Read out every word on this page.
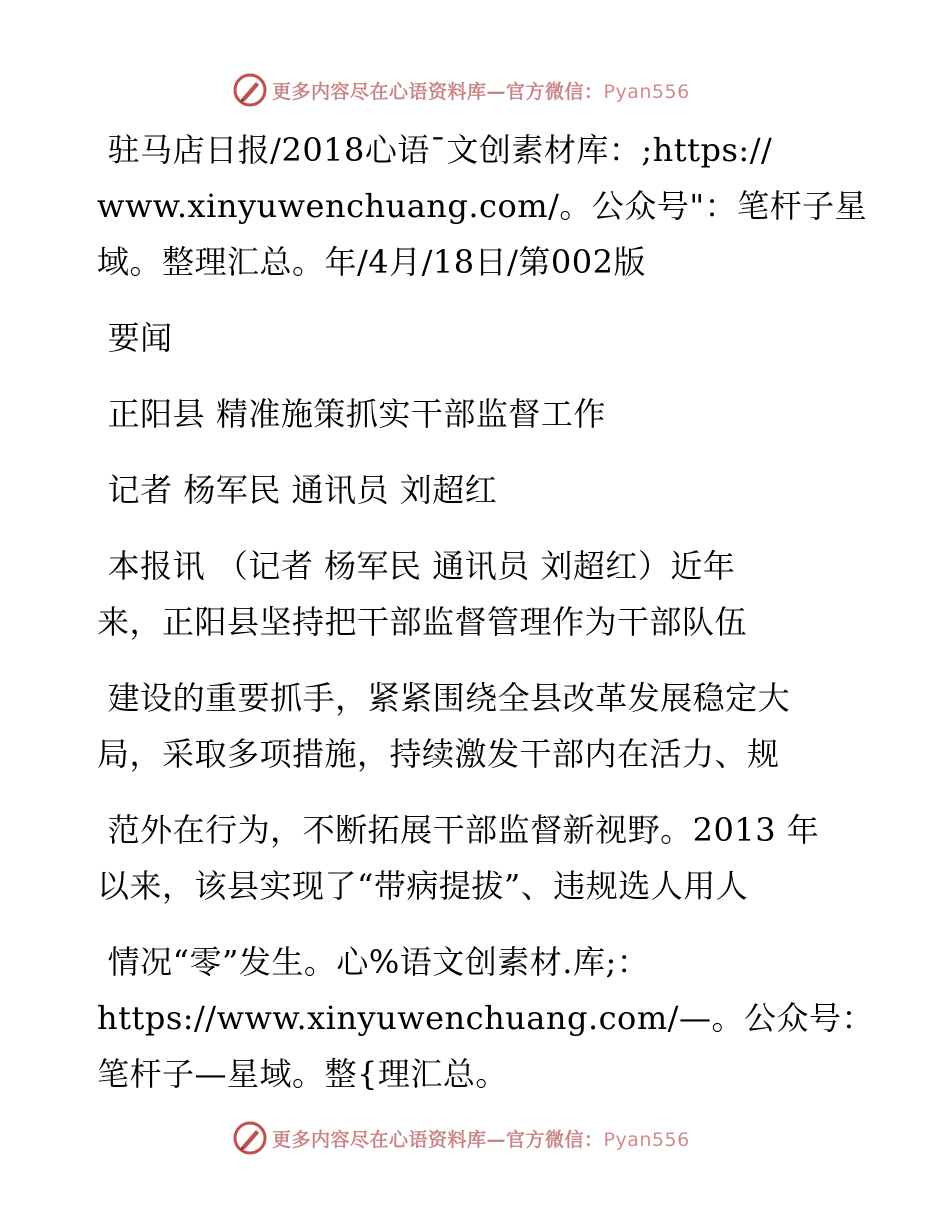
更多内容尽在心语资料库—官方微信：Pyan556
驻马店日报/2018心语¯文创素材库：;https://
www.xinyuwenchuang.com/。公众号"：笔杆子星
域。整理汇总。年/4月/18日/第002版
要闻
正阳县 精准施策抓实干部监督工作
记者 杨军民 通讯员 刘超红
本报讯 （记者 杨军民 通讯员 刘超红）近年
来，正阳县坚持把干部监督管理作为干部队伍
建设的重要抓手，紧紧围绕全县改革发展稳定大
局，采取多项措施，持续激发干部内在活力、规
范外在行为，不断拓展干部监督新视野。2013 年
以来，该县实现了“带病提拔”、违规选人用人
情况“零”发生。心%语文创素材.库;：
https://www.xinyuwenchuang.com/—。公众号：
笔杆子—星域。整{理汇总。
更多内容尽在心语资料库—官方微信：Pyan556
